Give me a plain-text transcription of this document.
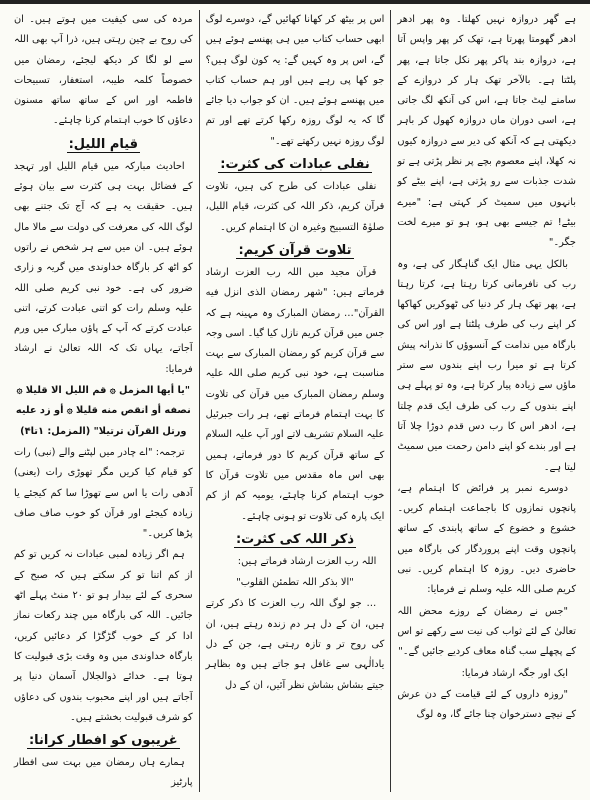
ہے گھر دروازہ نہیں کھلتا۔ وہ پھر ادھر ادھر گھومتا پھرتا ہے، تھک کر پھر واپس آتا ہے، دروازہ بند پاکر پھر نکل جاتا ہے، پھر پلٹتا ہے۔ بالآخر تھک ہار کر دروازے کے سامنے لیٹ جاتا ہے، اس کی آنکھ لگ جاتی ہے، اسی دوران ماں دروازہ کھول کر باہر دیکھتی ہے کہ آنکھ کی دیر سے دروازہ کیوں نہ کھلا، اپنے معصوم بچے پر نظر پڑتی ہے تو شدت جذبات سے رو پڑتی ہے، اپنے بیٹے کو بانہوں میں سمیٹ کر کہتی ہے: "میرے بیٹے! تم جیسے بھی ہو، ہو تو میرے لخت جگر۔"

بالکل یہی مثال ایک گناہگار کی ہے، وہ رب کی نافرمانی کرتا رہتا ہے، کرتا رہتا ہے، پھر تھک ہار کر دنیا کی ٹھوکریں کھاکھا کر اپنے رب کی طرف پلٹتا ہے اور اس کی بارگاہ میں ندامت کے آنسوؤں کا نذرانہ پیش کرتا ہے تو میرا رب اپنے بندوں سے ستر ماؤں سے زیادہ پیار کرتا ہے، وہ تو پہلے ہی اپنے بندوں کے رب کی طرف ایک قدم چلتا ہے، ادھر اس کا رب دس قدم دوڑا چلا آتا ہے اور بندے کو اپنے دامن رحمت میں سمیٹ لیتا ہے۔

دوسرے نمبر پر فرائض کا اہتمام ہے، پانچوں نمازوں کا باجماعت اہتمام کریں۔ خشوع و خضوع کے ساتھ پابندی کے ساتھ پانچوں وقت اپنے پروردگار کی بارگاہ میں حاضری دیں۔ روزہ کا اہتمام کریں۔ نبی کریم صلی اللہ علیہ وسلم نے فرمایا:

"جس نے رمضان کے روزے محض اللہ تعالیٰ کے لئے ثواب کی نیت سے رکھے تو اس کے پچھلے سب گناہ معاف کردیے جائیں گے۔"

ایک اور جگہ ارشاد فرمایا:

"روزہ داروں کے لئے قیامت کے دن عرش کے نیچے دسترخوان چنا جائے گا، وہ لوگ

اس پر بیٹھ کر کھانا کھائیں گے، دوسرے لوگ ابھی حساب کتاب میں ہی پھنسے ہوئے ہیں گے، اس پر وہ کہیں گے: یہ کون لوگ ہیں؟ جو کھا پی رہے ہیں اور ہم حساب کتاب میں پھنسے ہوئے ہیں۔ ان کو جواب دیا جائے گا کہ یہ لوگ روزہ رکھا کرتے تھے اور تم لوگ روزہ نہیں رکھتے تھے۔"

نفلی عبادات کی کثرت:

نفلی عبادات کی طرح کی ہیں، تلاوت قرآن کریم، ذکر اللہ کی کثرت، قیام اللیل، صلوٰۃ التسبیح وغیرہ ان کا اہتمام کریں۔

تلاوت قرآن کریم:

قرآن مجید میں اللہ رب العزت ارشاد فرماتے ہیں: "شھر رمضان الذی انزل فیه القرآن"… رمضان المبارک وہ مہینہ ہے کہ جس میں قرآن کریم نازل کیا گیا۔ اسی وجہ سے قرآن کریم کو رمضان المبارک سے بہت مناسبت ہے، خود نبی کریم صلی اللہ علیہ وسلم رمضان المبارک میں قرآن کی تلاوت کا بہت اہتمام فرماتے تھے، ہر رات جبرئیل علیہ السلام تشریف لاتے اور آپ علیہ السلام کے ساتھ قرآن کریم کا دور فرماتے، ہمیں بھی اس ماہ مقدس میں تلاوت قرآن کا خوب اہتمام کرنا چاہئے، یومیہ کم از کم ایک پارہ کی تلاوت تو ہونی چاہئے۔

ذکر اللہ کی کثرت:

اللہ رب العزت ارشاد فرماتے ہیں:

"الا بذکر اللہ تطمئن القلوب"

… جو لوگ اللہ رب العزت کا ذکر کرتے ہیں، ان کے دل ہر دم زندہ رہتے ہیں، ان کی روح تر و تازہ رہتی ہے، جن کے دل یادالٰہی سے غافل ہو جاتے ہیں وہ بظاہر جیتے بشاش بشاش نظر آئیں، ان کے دل

مردہ کی سی کیفیت میں ہوتے ہیں۔ ان کی روح بے چین رہتی ہیں، ذرا آپ بھی اللہ سے لو لگا کر دیکھ لیجئے، رمضان میں خصوصاً کلمہ طیبہ، استغفار، تسبیحات فاطمہ اور اس کے ساتھ ساتھ مسنون دعاؤں کا خوب اہتمام کرنا چاہئے۔

قیام اللیل:

احادیث مبارکہ میں قیام اللیل اور تہجد کے فضائل بہت ہی کثرت سے بیان ہوئے ہیں۔ حقیقت یہ ہے کہ آج تک جتنے بھی لوگ اللہ کی معرفت کی دولت سے مالا مال ہوئے ہیں۔ ان میں سے ہر شخص نے راتوں کو اٹھ کر بارگاہ خداوندی میں گریہ و زاری ضرور کی ہے۔ خود نبی کریم صلی اللہ علیہ وسلم رات کو اتنی عبادت کرتے، اتنی عبادت کرتے کہ آپ کے پاؤں مبارک میں ورم آجاتے، یہاں تک کہ اللہ تعالیٰ نے ارشاد فرمایا:

"یا أیها المزمل ۞ قم اللیل الا قلیلا ۞ نصفه أو انقص منه قلیلا ۞ أو زد علیه ورتل القرآن ترتیلا" (المزمل: ۱تا۴)

ترجمہ: "اے چادر میں لپٹنے والے (نبی) رات کو قیام کیا کریں مگر تھوڑی رات (یعنی) آدھی رات یا اس سے تھوڑا سا کم کیجئے یا زیادہ کیجئے اور قرآن کو خوب صاف صاف پڑھا کریں۔"

ہم اگر زیادہ لمبی عبادات نہ کریں تو کم از کم اتنا تو کر سکتے ہیں کہ صبح کے سحری کے لئے بیدار ہو تو ۲۰ منٹ پہلے اٹھ جائیں۔ اللہ کی بارگاہ میں چند رکعات نماز ادا کر کے خوب گڑگڑا کر دعائیں کریں، بارگاہ خداوندی میں وہ وقت بڑی قبولیت کا ہوتا ہے۔ خدائے ذوالجلال آسمان دنیا پر آجاتے ہیں اور اپنے محبوب بندوں کی دعاؤں کو شرف قبولیت بخشتے ہیں۔

غریبوں کو افطار کرانا:

ہمارے ہاں رمضان میں بہت سی افطار پارٹیز
